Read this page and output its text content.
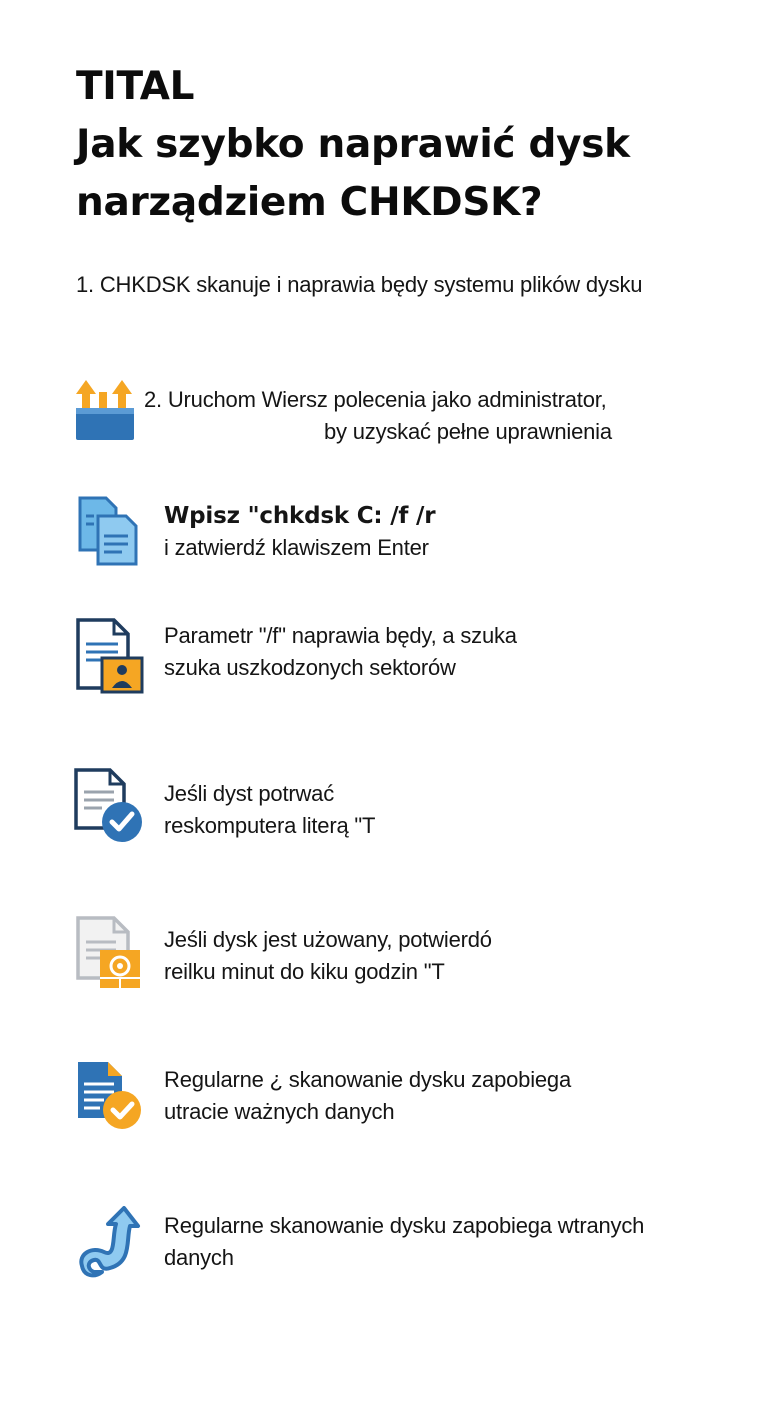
TITAL
Jak szybko naprawić dysk
narządziem CHKDSK?
1. CHKDSK skanuje i naprawia będy systemu plików dysku
2. Uruchom Wiersz polecenia jako administrator,
by uzyskać pełne uprawnienia
Wpisz "chkdsk C: /f /r
i zatwierdź klawiszem Enter
Parametr "/f" naprawia będy, a szuka
szuka uszkodzonych sektorów
Jeśli dyst potrwać
reskomputera literą "T
Jeśli dysk jest użowany, potwierdó
reilku minut do kiku godzin "T
Regularne ¿ skanowanie dysku zapobiega
utracie ważnych danych
Regularne skanowanie dysku zapobiega wtranych
danych
